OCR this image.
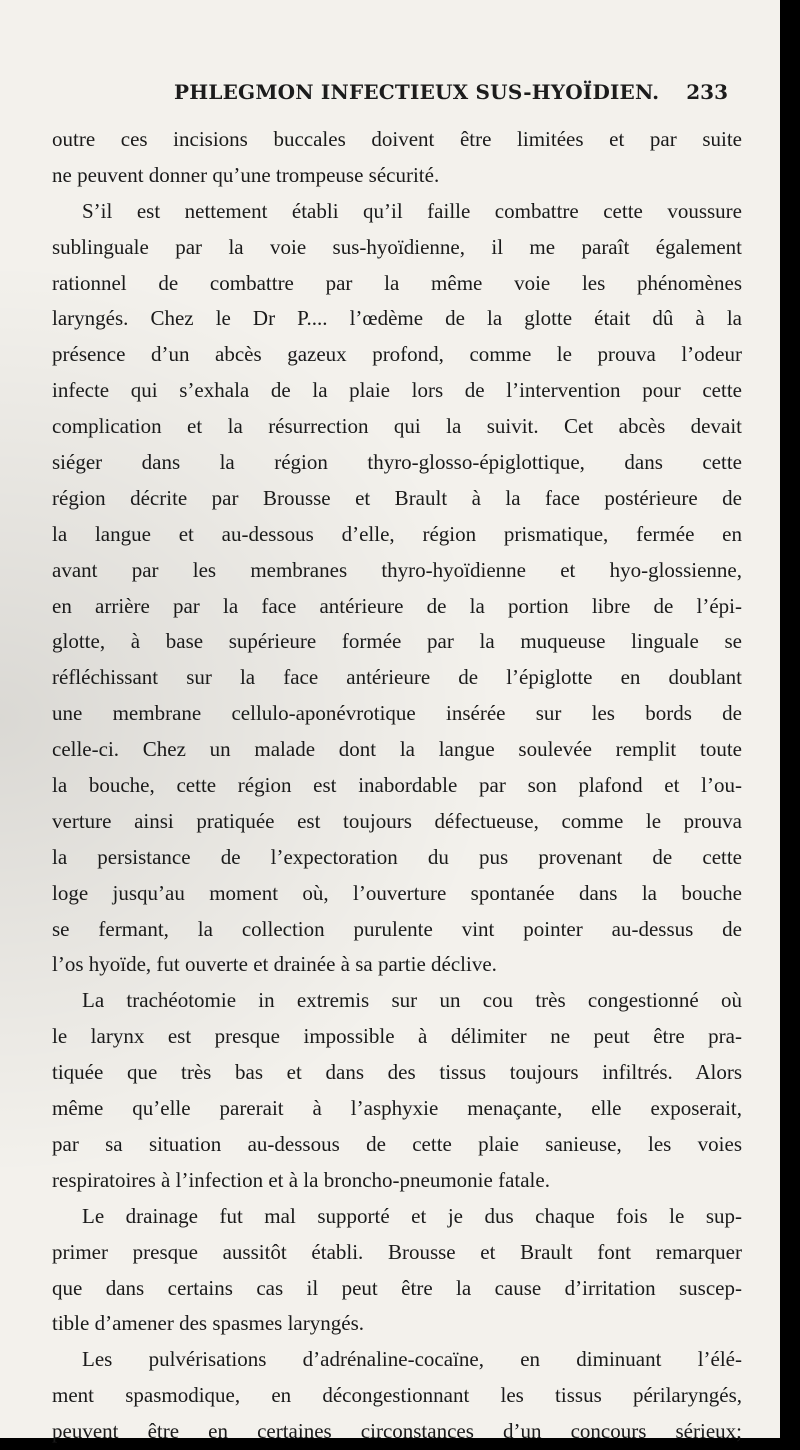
PHLEGMON INFECTIEUX SUS-HYOÏDIEN. 233
outre ces incisions buccales doivent être limitées et par suite
ne peuvent donner qu’une trompeuse sécurité.
S’il est nettement établi qu’il faille combattre cette voussure
sublinguale par la voie sus-hyoïdienne, il me paraît également
rationnel de combattre par la même voie les phénomènes
laryngés. Chez le Dr P.... l’œdème de la glotte était dû à la
présence d’un abcès gazeux profond, comme le prouva l’odeur
infecte qui s’exhala de la plaie lors de l’intervention pour cette
complication et la résurrection qui la suivit. Cet abcès devait
siéger dans la région thyro-glosso-épiglottique, dans cette
région décrite par Brousse et Brault à la face postérieure de
la langue et au-dessous d’elle, région prismatique, fermée en
avant par les membranes thyro-hyoïdienne et hyo-glossienne,
en arrière par la face antérieure de la portion libre de l’épi-
glotte, à base supérieure formée par la muqueuse linguale se
réfléchissant sur la face antérieure de l’épiglotte en doublant
une membrane cellulo-aponévrotique insérée sur les bords de
celle-ci. Chez un malade dont la langue soulevée remplit toute
la bouche, cette région est inabordable par son plafond et l’ou-
verture ainsi pratiquée est toujours défectueuse, comme le prouva
la persistance de l’expectoration du pus provenant de cette
loge jusqu’au moment où, l’ouverture spontanée dans la bouche
se fermant, la collection purulente vint pointer au-dessus de
l’os hyoïde, fut ouverte et drainée à sa partie déclive.
La trachéotomie in extremis sur un cou très congestionné où
le larynx est presque impossible à délimiter ne peut être pra-
tiquée que très bas et dans des tissus toujours infiltrés. Alors
même qu’elle parerait à l’asphyxie menaçante, elle exposerait,
par sa situation au-dessous de cette plaie sanieuse, les voies
respiratoires à l’infection et à la broncho-pneumonie fatale.
Le drainage fut mal supporté et je dus chaque fois le sup-
primer presque aussitôt établi. Brousse et Brault font remarquer
que dans certains cas il peut être la cause d’irritation suscep-
tible d’amener des spasmes laryngés.
Les pulvérisations d’adrénaline-cocaïne, en diminuant l’élé-
ment spasmodique, en décongestionnant les tissus périlaryngés,
peuvent être en certaines circonstances d’un concours sérieux;
